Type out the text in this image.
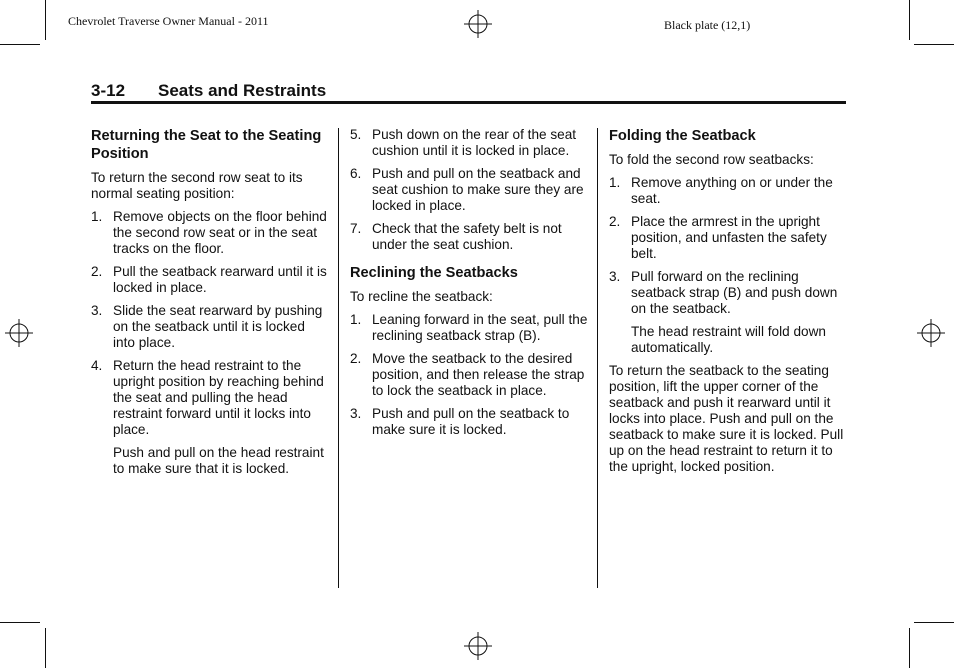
Chevrolet Traverse Owner Manual - 2011	Black plate (12,1)
3-12 Seats and Restraints
Returning the Seat to the Seating Position

To return the second row seat to its normal seating position:

1. Remove objects on the floor behind the second row seat or in the seat tracks on the floor.
2. Pull the seatback rearward until it is locked in place.
3. Slide the seat rearward by pushing on the seatback until it is locked into place.
4. Return the head restraint to the upright position by reaching behind the seat and pulling the head restraint forward until it locks into place.

Push and pull on the head restraint to make sure that it is locked.

5. Push down on the rear of the seat cushion until it is locked in place.
6. Push and pull on the seatback and seat cushion to make sure they are locked in place.
7. Check that the safety belt is not under the seat cushion.
Reclining the Seatbacks

To recline the seatback:

1. Leaning forward in the seat, pull the reclining seatback strap (B).
2. Move the seatback to the desired position, and then release the strap to lock the seatback in place.
3. Push and pull on the seatback to make sure it is locked.
Folding the Seatback

To fold the second row seatbacks:

1. Remove anything on or under the seat.
2. Place the armrest in the upright position, and unfasten the safety belt.
3. Pull forward on the reclining seatback strap (B) and push down on the seatback.

The head restraint will fold down automatically.

To return the seatback to the seating position, lift the upper corner of the seatback and push it rearward until it locks into place. Push and pull on the seatback to make sure it is locked. Pull up on the head restraint to return it to the upright, locked position.
